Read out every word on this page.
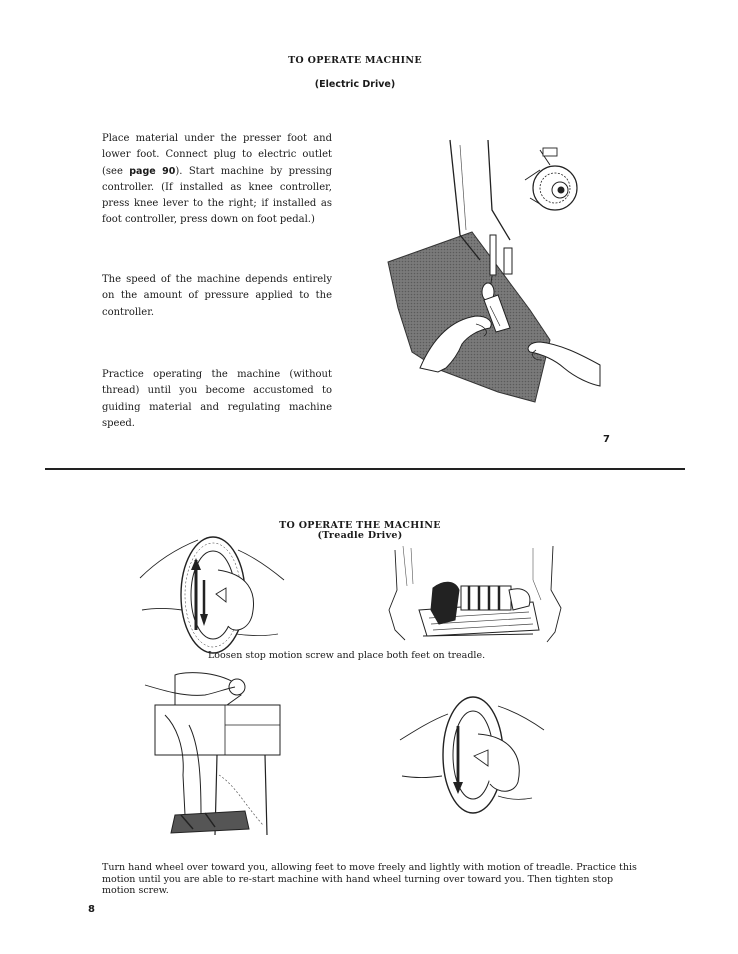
TO OPERATE MACHINE
(Electric Drive)
Place material under the presser foot and lower foot. Connect plug to electric outlet (see page 90). Start machine by pressing controller. (If installed as knee controller, press knee lever to the right; if installed as foot controller, press down on foot pedal.)
The speed of the machine depends entirely on the amount of pressure applied to the controller.
Practice operating the machine (without thread) until you become accustomed to guiding material and regulating machine speed.
7
TO OPERATE THE MACHINE
(Treadle Drive)
Loosen stop motion screw and place both feet on treadle.
Turn hand wheel over toward you, allowing feet to move freely and lightly with motion of treadle. Practice this motion until you are able to re-start machine with hand wheel turning over toward you. Then tighten stop motion screw.
8
